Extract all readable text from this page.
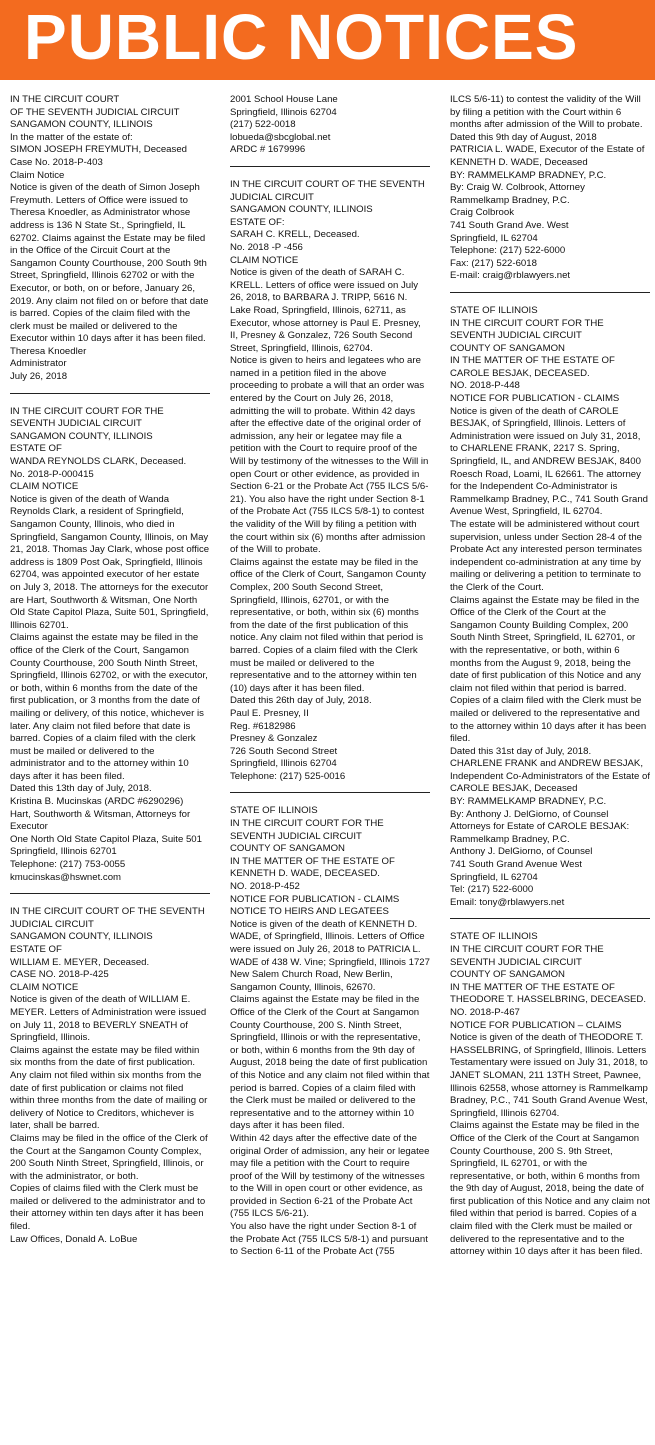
PUBLIC NOTICES

IN THE CIRCUIT COURT

OF THE SEVENTH JUDICIAL CIRCUIT

SANGAMON COUNTY, ILLINOIS

In the matter of the estate of:

SIMON JOSEPH FREYMUTH, Deceased

Case No. 2018-P-403

Claim Notice

Notice is given of the death of Simon Joseph Freymuth. Letters of Office were issued to Theresa Knoedler, as Administrator whose address is 136 N State St., Springfield, IL 62702. Claims against the Estate may be filed in the Office of the Circuit Court at the Sangamon County Courthouse, 200 South 9th Street, Springfield, Illinois 62702 or with the Executor, or both, on or before, January 26, 2019. Any claim not filed on or before that date is barred. Copies of the claim filed with the clerk must be mailed or delivered to the Executor within 10 days after it has been filed.

Theresa Knoedler

Administrator

July 26, 2018

IN THE CIRCUIT COURT FOR THE SEVENTH JUDICIAL CIRCUIT

SANGAMON COUNTY, ILLINOIS

ESTATE OF

WANDA REYNOLDS CLARK, Deceased.

No. 2018-P-000415

CLAIM NOTICE

Notice is given of the death of Wanda Reynolds Clark, a resident of Springfield, Sangamon County, Illinois, who died in Springfield, Sangamon County, Illinois, on May 21, 2018. Thomas Jay Clark, whose post office address is 1809 Post Oak, Springfield, Illinois 62704, was appointed executor of her estate on July 3, 2018. The attorneys for the executor are Hart, Southworth & Witsman, One North Old State Capitol Plaza, Suite 501, Springfield, Illinois 62701.

Claims against the estate may be filed in the office of the Clerk of the Court, Sangamon County Courthouse, 200 South Ninth Street, Springfield, Illinois 62702, or with the executor, or both, within 6 months from the date of the first publication, or 3 months from the date of mailing or delivery, of this notice, whichever is later. Any claim not filed before that date is barred. Copies of a claim filed with the clerk must be mailed or delivered to the administrator and to the attorney within 10 days after it has been filed.

Dated this 13th day of July, 2018.

Kristina B. Mucinskas (ARDC #6290296)

Hart, Southworth & Witsman, Attorneys for Executor

One North Old State Capitol Plaza, Suite 501

Springfield, Illinois 62701

Telephone: (217) 753-0055

kmucinskas@hswnet.com

IN THE CIRCUIT COURT OF THE SEVENTH JUDICIAL CIRCUIT

SANGAMON COUNTY, ILLINOIS

ESTATE OF

WILLIAM E. MEYER, Deceased.

CASE NO. 2018-P-425

CLAIM NOTICE

Notice is given of the death of WILLIAM E. MEYER. Letters of Administration were issued on July 11, 2018 to BEVERLY SNEATH of Springfield, Illinois.

Claims against the estate may be filed within six months from the date of first publication. Any claim not filed within six months from the date of first publication or claims not filed within three months from the date of mailing or delivery of Notice to Creditors, whichever is later, shall be barred.

Claims may be filed in the office of the Clerk of the Court at the Sangamon County Complex, 200 South Ninth Street, Springfield, Illinois, or with the administrator, or both.

Copies of claims filed with the Clerk must be mailed or delivered to the administrator and to their attorney within ten days after it has been filed.

Law Offices, Donald A. LoBue

2001 School House Lane

Springfield, Illinois 62704

(217) 522-0018

lobueda@sbcglobal.net

ARDC # 1679996

IN THE CIRCUIT COURT OF THE SEVENTH JUDICIAL CIRCUIT

SANGAMON COUNTY, ILLINOIS

ESTATE OF:

SARAH C. KRELL, Deceased.

No. 2018 -P -456

CLAIM NOTICE

Notice is given of the death of SARAH C. KRELL. Letters of office were issued on July 26, 2018, to BARBARA J. TRIPP, 5616 N. Lake Road, Springfield, Illinois, 62711, as Executor, whose attorney is Paul E. Presney, II, Presney & Gonzalez, 726 South Second Street, Springfield, Illinois, 62704.

Notice is given to heirs and legatees who are named in a petition filed in the above proceeding to probate a will that an order was entered by the Court on July 26, 2018, admitting the will to probate. Within 42 days after the effective date of the original order of admission, any heir or legatee may file a petition with the Court to require proof of the Will by testimony of the witnesses to the Will in open Court or other evidence, as provided in Section 6-21 or the Probate Act (755 ILCS 5/6-21). You also have the right under Section 8-1 of the Probate Act (755 ILCS 5/8-1) to contest the validity of the Will by filing a petition with the court within six (6) months after admission of the Will to probate.

Claims against the estate may be filed in the office of the Clerk of Court, Sangamon County Complex, 200 South Second Street, Springfield, Illinois, 62701, or with the representative, or both, within six (6) months from the date of the first publication of this notice. Any claim not filed within that period is barred. Copies of a claim filed with the Clerk must be mailed or delivered to the representative and to the attorney within ten (10) days after it has been filed.

Dated this 26th day of July, 2018.

Paul E. Presney, II

Reg. #6182986

Presney & Gonzalez

726 South Second Street

Springfield, Illinois 62704

Telephone: (217) 525-0016

STATE OF ILLINOIS

IN THE CIRCUIT COURT FOR THE SEVENTH JUDICIAL CIRCUIT

COUNTY OF SANGAMON

IN THE MATTER OF THE ESTATE OF

KENNETH D. WADE, DECEASED.

NO. 2018-P-452

NOTICE FOR PUBLICATION - CLAIMS

NOTICE TO HEIRS AND LEGATEES

Notice is given of the death of KENNETH D. WADE, of Springfield, Illinois. Letters of Office were issued on July 26, 2018 to PATRICIA L. WADE of 438 W. Vine; Springfield, Illinois 1727 New Salem Church Road, New Berlin, Sangamon County, Illinois, 62670.

Claims against the Estate may be filed in the Office of the Clerk of the Court at Sangamon County Courthouse, 200 S. Ninth Street, Springfield, Illinois or with the representative, or both, within 6 months from the 9th day of August, 2018 being the date of first publication of this Notice and any claim not filed within that period is barred. Copies of a claim filed with the Clerk must be mailed or delivered to the representative and to the attorney within 10 days after it has been filed.

Within 42 days after the effective date of the original Order of admission, any heir or legatee may file a petition with the Court to require proof of the Will by testimony of the witnesses to the Will in open court or other evidence, as provided in Section 6-21 of the Probate Act (755 ILCS 5/6-21).

You also have the right under Section 8-1 of the Probate Act (755 ILCS 5/8-1) and pursuant to Section 6-11 of the Probate Act (755

ILCS 5/6-11) to contest the validity of the Will by filing a petition with the Court within 6 months after admission of the Will to probate.

Dated this 9th day of August, 2018

PATRICIA L. WADE, Executor of the Estate of KENNETH D. WADE, Deceased

BY: RAMMELKAMP BRADNEY, P.C.

By: Craig W. Colbrook, Attorney

Rammelkamp Bradney, P.C.

Craig Colbrook

741 South Grand Ave. West

Springfield, IL 62704

Telephone: (217) 522-6000

Fax: (217) 522-6018

E-mail: craig@rblawyers.net

STATE OF ILLINOIS

IN THE CIRCUIT COURT FOR THE SEVENTH JUDICIAL CIRCUIT

COUNTY OF SANGAMON

IN THE MATTER OF THE ESTATE OF

CAROLE BESJAK, DECEASED.

NO. 2018-P-448

NOTICE FOR PUBLICATION - CLAIMS

Notice is given of the death of CAROLE BESJAK, of Springfield, Illinois. Letters of Administration were issued on July 31, 2018, to CHARLENE FRANK, 2217 S. Spring, Springfield, IL, and ANDREW BESJAK, 8400 Roesch Road, Loami, IL 62661. The attorney for the Independent Co-Administrator is Rammelkamp Bradney, P.C., 741 South Grand Avenue West, Springfield, IL 62704.

The estate will be administered without court supervision, unless under Section 28-4 of the Probate Act any interested person terminates independent co-administration at any time by mailing or delivering a petition to terminate to the Clerk of the Court.

Claims against the Estate may be filed in the Office of the Clerk of the Court at the Sangamon County Building Complex, 200 South Ninth Street, Springfield, IL 62701, or with the representative, or both, within 6 months from the August 9, 2018, being the date of first publication of this Notice and any claim not filed within that period is barred.

Copies of a claim filed with the Clerk must be mailed or delivered to the representative and to the attorney within 10 days after it has been filed.

Dated this 31st day of July, 2018.

CHARLENE FRANK and ANDREW BESJAK, Independent Co-Administrators of the Estate of CAROLE BESJAK, Deceased

BY: RAMMELKAMP BRADNEY, P.C.

By: Anthony J. DelGiorno, of Counsel

Attorneys for Estate of CAROLE BESJAK:

Rammelkamp Bradney, P.C.

Anthony J. DelGiorno, of Counsel

741 South Grand Avenue West

Springfield, IL 62704

Tel: (217) 522-6000

Email: tony@rblawyers.net

STATE OF ILLINOIS

IN THE CIRCUIT COURT FOR THE SEVENTH JUDICIAL CIRCUIT

COUNTY OF SANGAMON

IN THE MATTER OF THE ESTATE OF

THEODORE T. HASSELBRING, DECEASED.

NO. 2018-P-467

NOTICE FOR PUBLICATION – CLAIMS

Notice is given of the death of THEODORE T. HASSELBRING, of Springfield, Illinois. Letters Testamentary were issued on July 31, 2018, to JANET SLOMAN, 211 13TH Street, Pawnee, Illinois 62558, whose attorney is Rammelkamp Bradney, P.C., 741 South Grand Avenue West, Springfield, Illinois 62704.

Claims against the Estate may be filed in the Office of the Clerk of the Court at Sangamon County Courthouse, 200 S. 9th Street, Springfield, IL 62701, or with the representative, or both, within 6 months from the 9th day of August, 2018, being the date of first publication of this Notice and any claim not filed within that period is barred. Copies of a claim filed with the Clerk must be mailed or delivered to the representative and to the attorney within 10 days after it has been filed.
